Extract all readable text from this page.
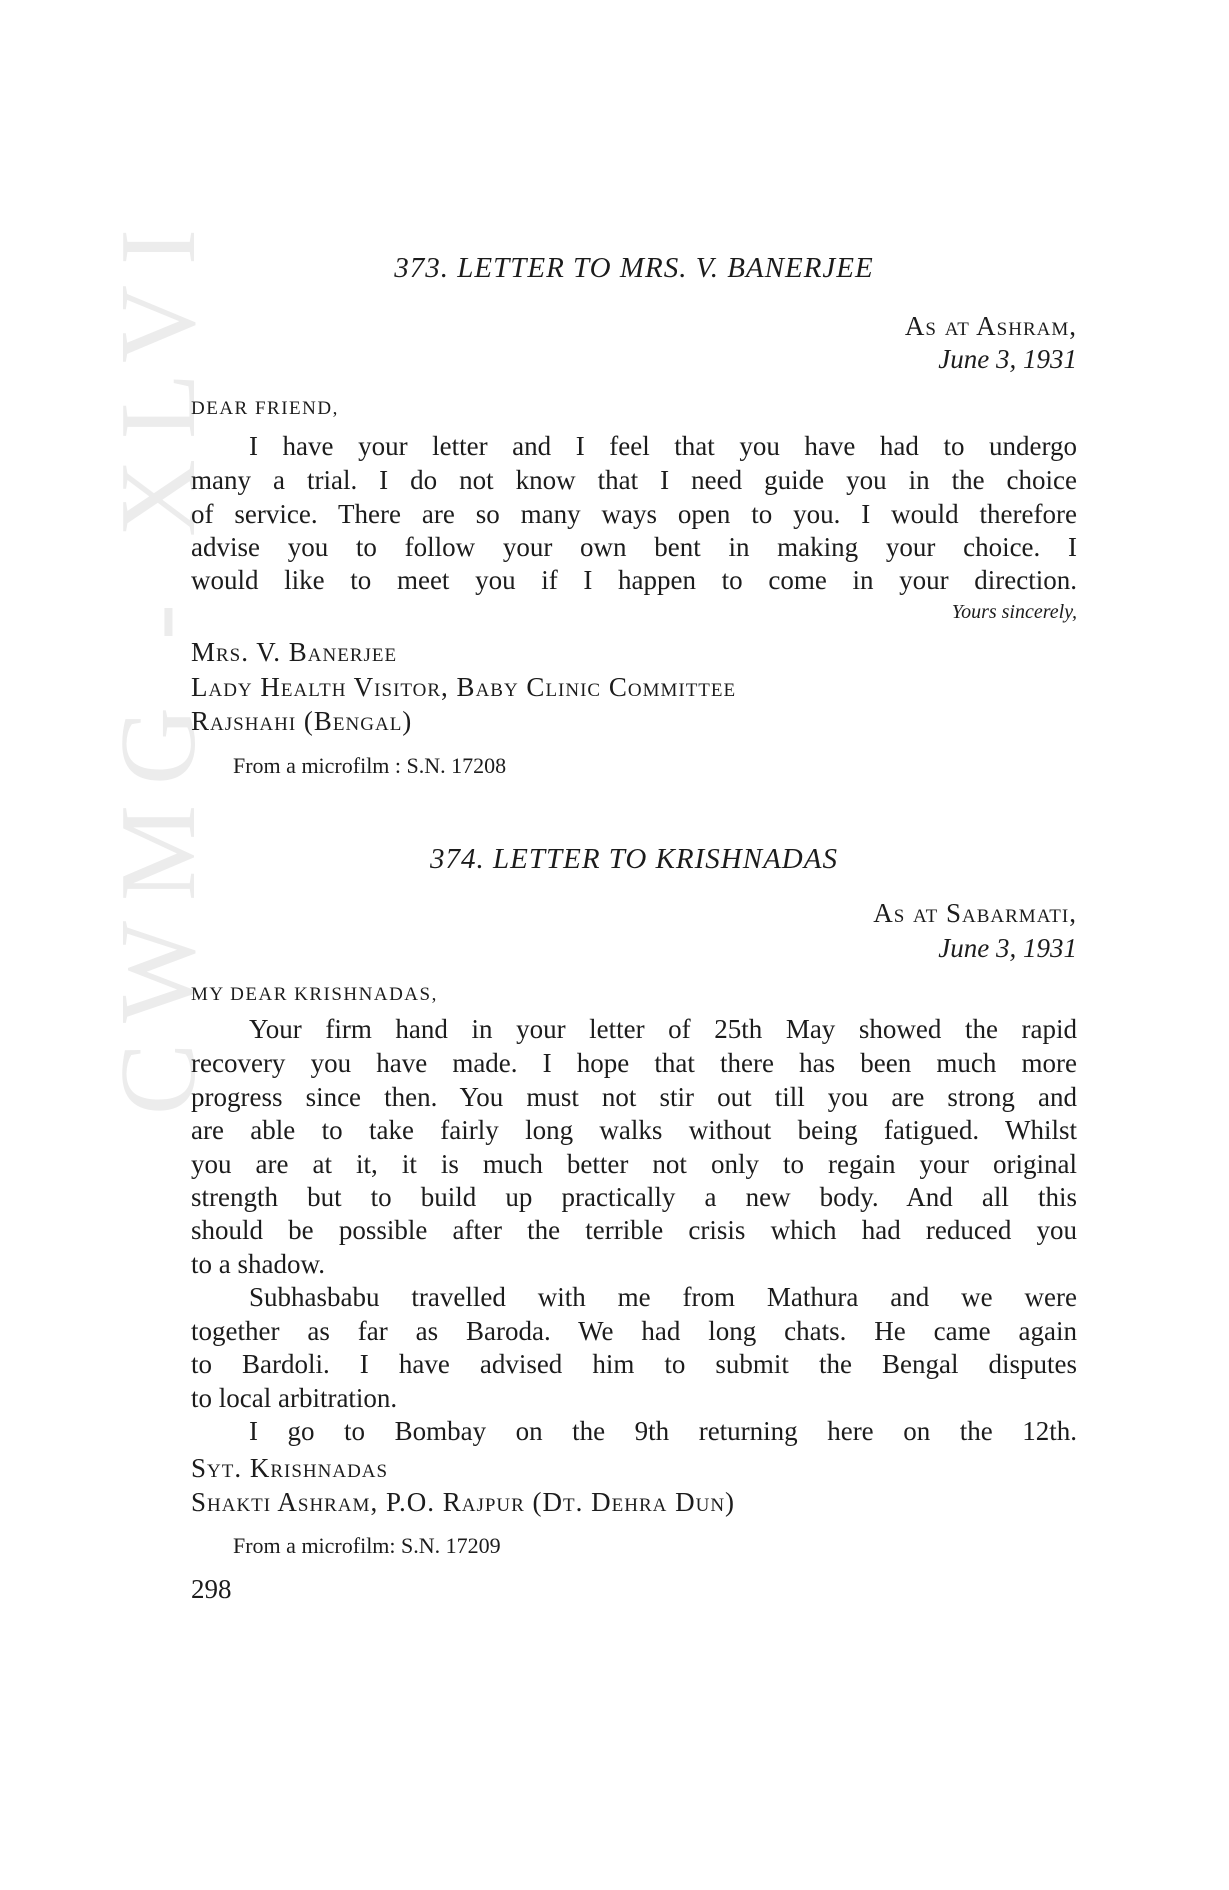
CWMG - XLVI	373. LETTER TO MRS. V. BANERJEE
As at Ashram,
June 3, 1931
DEAR FRIEND,
I have your letter and I feel that you have had to undergo
many a trial. I do not know that I need guide you in the choice
of service. There are so many ways open to you. I would therefore
advise you to follow your own bent in making your choice. I
would like to meet you if I happen to come in your direction.
Yours sincerely,
Mrs. V. Banerjee
Lady Health Visitor, Baby Clinic Committee
Rajshahi (Bengal)
From a microfilm : S.N. 17208
374. LETTER TO KRISHNADAS
As at Sabarmati,
June 3, 1931
MY DEAR KRISHNADAS,
Your firm hand in your letter of 25th May showed the rapid
recovery you have made. I hope that there has been much more
progress since then. You must not stir out till you are strong and
are able to take fairly long walks without being fatigued. Whilst
you are at it, it is much better not only to regain your original
strength but to build up practically a new body. And all this
should be possible after the terrible crisis which had reduced you
to a shadow.
Subhasbabu travelled with me from Mathura and we were
together as far as Baroda. We had long chats. He came again
to Bardoli. I have advised him to submit the Bengal disputes
to local arbitration.
I go to Bombay on the 9th returning here on the 12th.
Syt. Krishnadas
Shakti Ashram, P.O. Rajpur (Dt. Dehra Dun)
From a microfilm: S.N. 17209
298
